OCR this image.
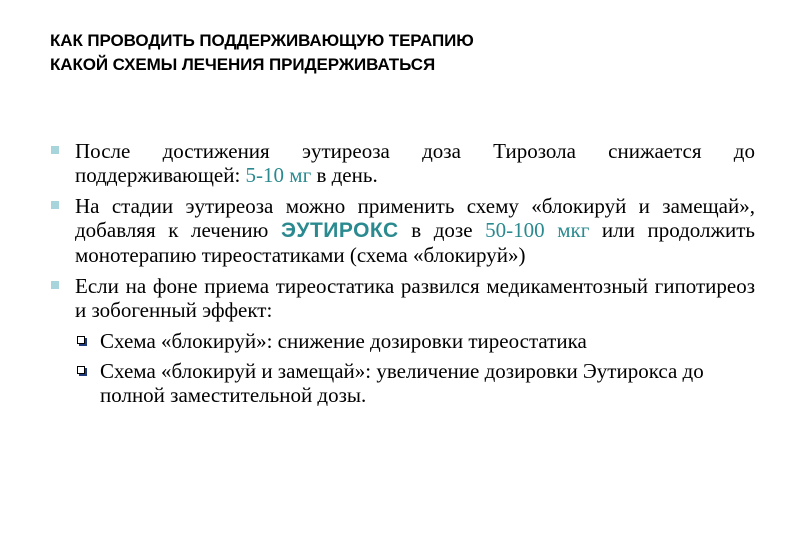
КАК ПРОВОДИТЬ ПОДДЕРЖИВАЮЩУЮ ТЕРАПИЮ
КАКОЙ СХЕМЫ ЛЕЧЕНИЯ ПРИДЕРЖИВАТЬСЯ
После достижения эутиреоза доза Тирозола снижается до поддерживающей: 5-10 мг в день.
На стадии эутиреоза можно применить схему «блокируй и замещай», добавляя к лечению ЭУТИРОКС в дозе 50-100 мкг или продолжить монотерапию тиреостатиками (схема «блокируй»)
Если на фоне приема тиреостатика развился медикаментозный гипотиреоз и зобогенный эффект:
Схема «блокируй»: снижение дозировки тиреостатика
Схема «блокируй и замещай»: увеличение дозировки Эутирокса до полной заместительной дозы.
